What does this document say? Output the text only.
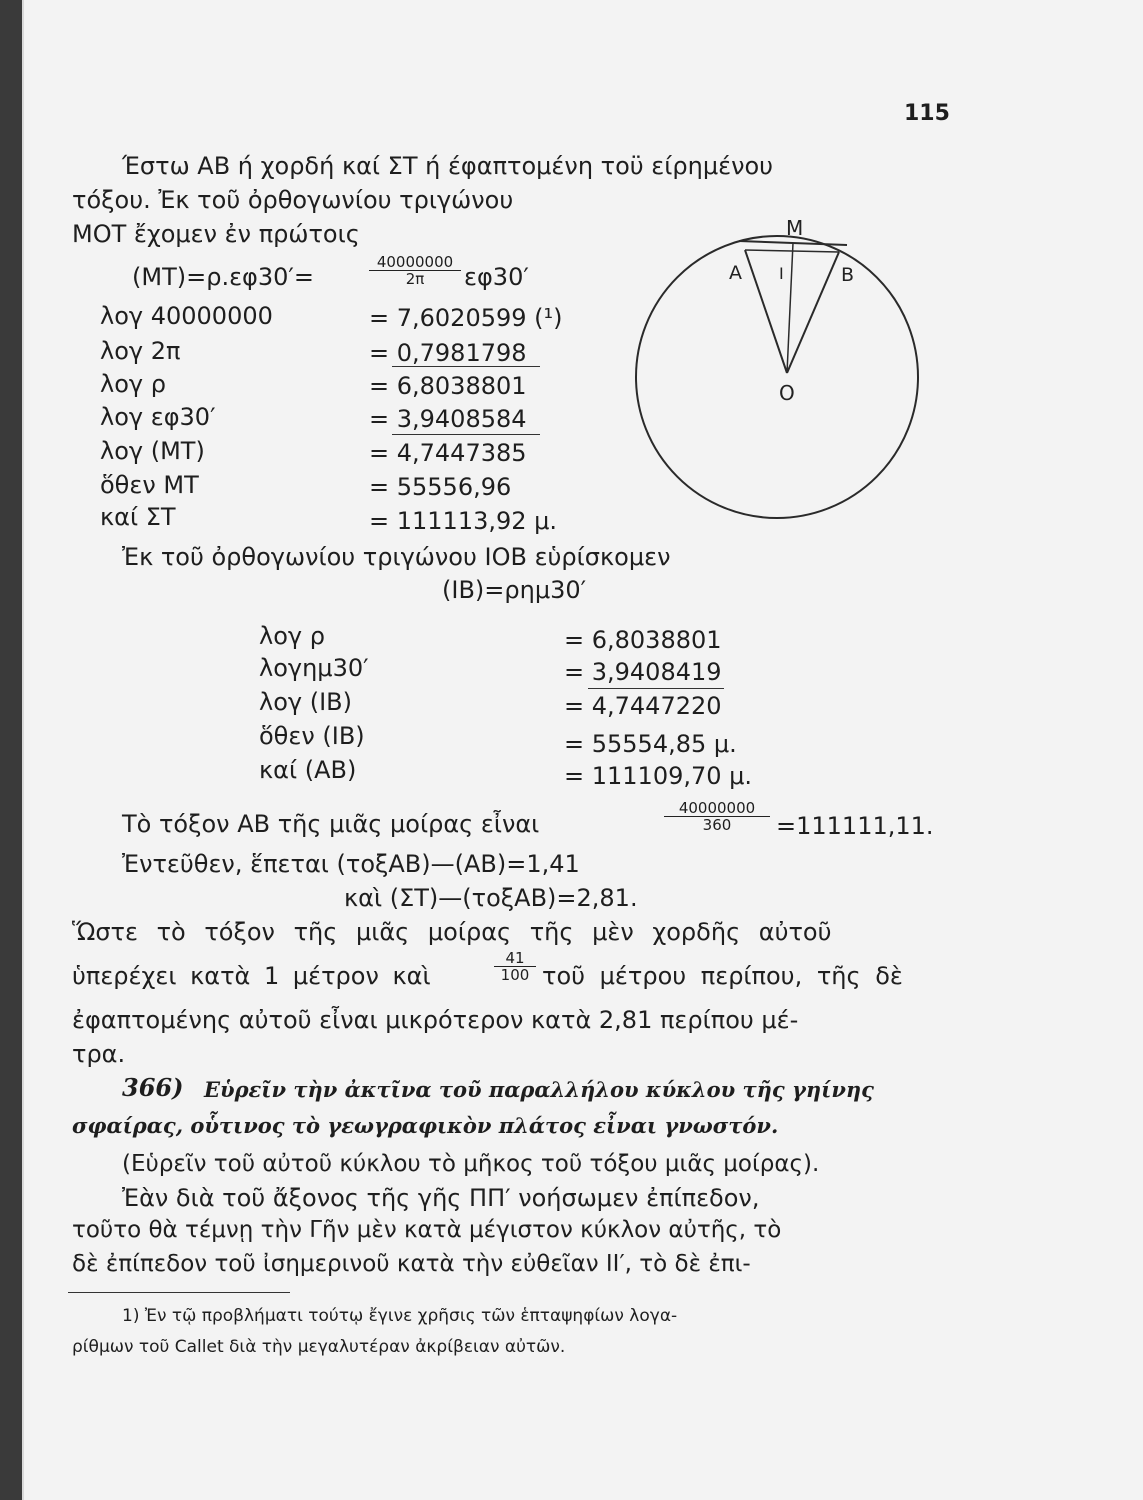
115
Έστω ΑΒ ή χορδή καί ΣΤ ή έφαπτομένη τοϋ είρημένου
τόξου. Ἐκ τοῦ ὀρθογωνίου τριγώνου
ΜΟΤ ἔχομεν ἐν πρώτοις
(ΜΤ)=ρ.εφ30′=	$\frac{40000000}{2\pi} \varepsilon\varphi 30'$
λογ 40000000	= 7,6020599 (¹)
λογ 2π	= 0,7981798
λογ ρ	= 6,8038801
λογ εφ30′	= 3,9408584
λογ (ΜΤ)	= 4,7447385
ὅθεν ΜΤ	= 55556,96
καί ΣΤ	= 111113,92 μ.
M
A I	B
O
Ἐκ τοῦ ὀρθογωνίου τριγώνου ΙΟΒ εὑρίσκομεν
(ΙΒ)=ρημ30′
λογ ρ	= 6,8038801
λογημ30′	= 3,9408419
λογ (ΙΒ)	= 4,7447220
ὅθεν (ΙΒ)	= 55554,85 μ.
καί (ΑΒ)	= 111109,70 μ.
Τὸ τόξον ΑΒ τῆς μιᾶς μοίρας εἶναι	$\frac{40000000}{360} =111111,11$.
Ἐντεῦθεν, ἕπεται (τοξΑΒ)—(ΑΒ)=1,41
καὶ (ΣΤ)—(τοξΑΒ)=2,81.
Ὥστε τὸ τόξον τῆς μιᾶς μοίρας τῆς μὲν χορδῆς αὐτοῦ
ὑπερέχει κατὰ 1 μέτρον καὶ	$\frac{41}{100}$ τοῦ μέτρου περίπου, τῆς δὲ
ἐφαπτομένης αὐτοῦ εἶναι μικρότερον κατὰ 2,81 περίπου μέ-
τρα.
366) Εὑρεῖν τὴν ἀκτῖνα τοῦ παραλλήλου κύκλου τῆς γηίνης
σφαίρας, οὗτινος τὸ γεωγραφικὸν πλάτος εἶναι γνωστόν.
(Εὑρεῖν τοῦ αὐτοῦ κύκλου τὸ μῆκος τοῦ τόξου μιᾶς μοίρας).
Ἐὰν διὰ τοῦ ἄξονος τῆς γῆς ΠΠ′ νοήσωμεν ἐπίπεδον,
τοῦτο θὰ τέμνῃ τὴν Γῆν μὲν κατὰ μέγιστον κύκλον αὐτῆς, τὸ
δὲ ἐπίπεδον τοῦ ἰσημερινοῦ κατὰ τὴν εὐθεῖαν ΙΙ′, τὸ δὲ ἐπι-
1) Ἐν τῷ προβλήματι τούτῳ ἔγινε χρῆσις τῶν ἑπταψηφίων λογα-
ρίθμων τοῦ Callet διὰ τὴν μεγαλυτέραν ἀκρίβειαν αὐτῶν.
